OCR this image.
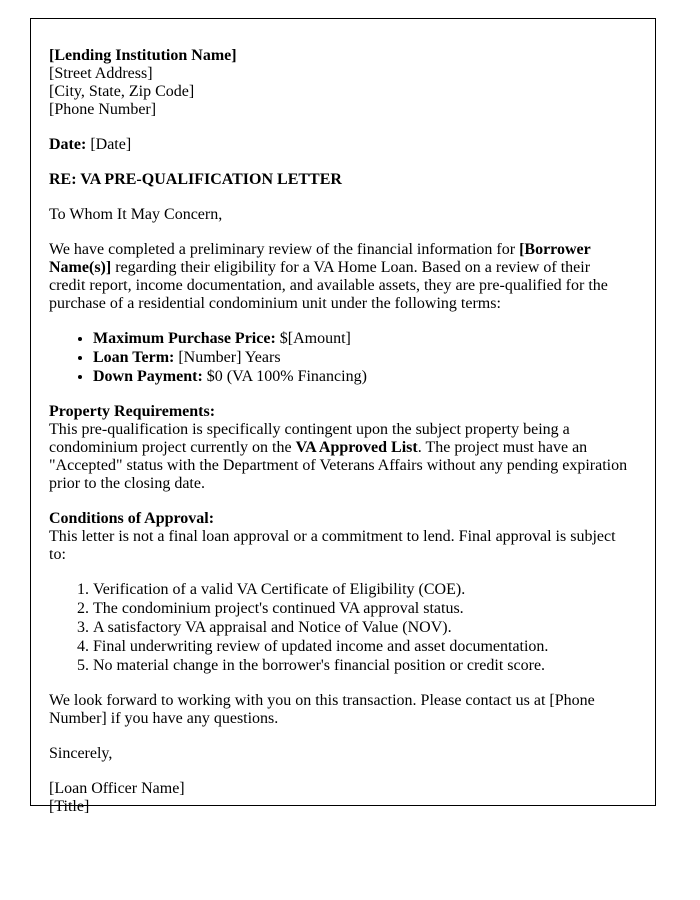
[Lending Institution Name]
[Street Address]
[City, State, Zip Code]
[Phone Number]
Date: [Date]
RE: VA PRE-QUALIFICATION LETTER
To Whom It May Concern,
We have completed a preliminary review of the financial information for [Borrower Name(s)] regarding their eligibility for a VA Home Loan. Based on a review of their credit report, income documentation, and available assets, they are pre-qualified for the purchase of a residential condominium unit under the following terms:
• Maximum Purchase Price: $[Amount]
• Loan Term: [Number] Years
• Down Payment: $0 (VA 100% Financing)
Property Requirements:
This pre-qualification is specifically contingent upon the subject property being a condominium project currently on the VA Approved List. The project must have an "Accepted" status with the Department of Veterans Affairs without any pending expiration prior to the closing date.
Conditions of Approval:
This letter is not a final loan approval or a commitment to lend. Final approval is subject to:
1. Verification of a valid VA Certificate of Eligibility (COE).
2. The condominium project's continued VA approval status.
3. A satisfactory VA appraisal and Notice of Value (NOV).
4. Final underwriting review of updated income and asset documentation.
5. No material change in the borrower's financial position or credit score.
We look forward to working with you on this transaction. Please contact us at [Phone Number] if you have any questions.
Sincerely,
[Loan Officer Name]
[Title]
